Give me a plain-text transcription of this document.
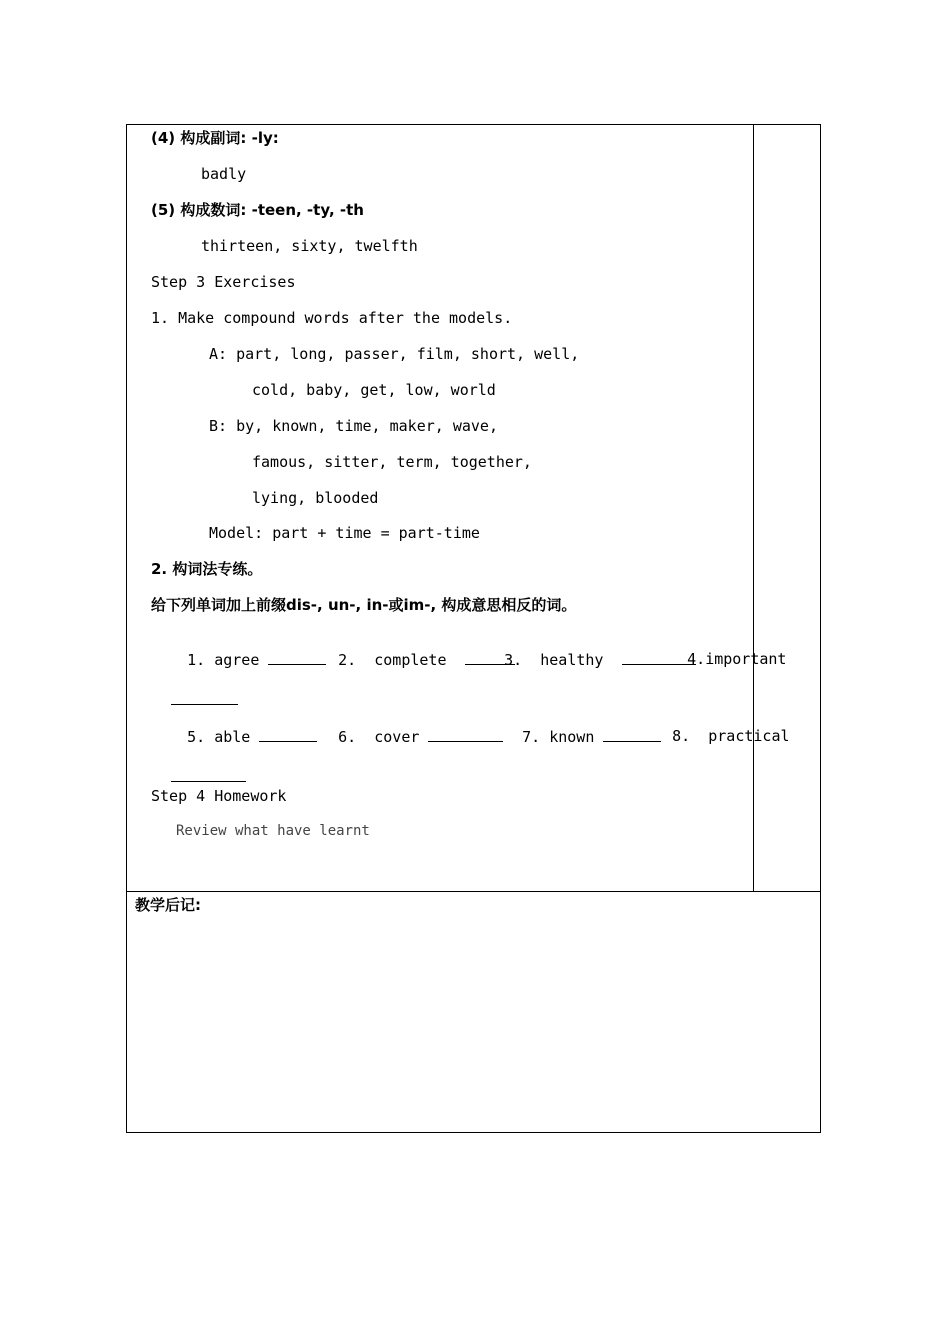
(4) 构成副词: -ly:
badly
(5) 构成数词: -teen, -ty, -th
thirteen, sixty, twelfth
Step 3 Exercises
1. Make compound words after the models.
A: part, long, passer, film, short, well,
cold, baby, get, low, world
B: by, known, time, maker, wave,
famous, sitter, term, together,
lying, blooded
Model: part + time = part-time
2. 构词法专练。
给下列单词加上前缀dis-, un-, in-或im-, 构成意思相反的词。

1. agree
	2. complete
	3. healthy
	4.important

5. able
	6. cover
	7. known
	8. practical

Step 4 Homework
Review what have learnt
教学后记:
